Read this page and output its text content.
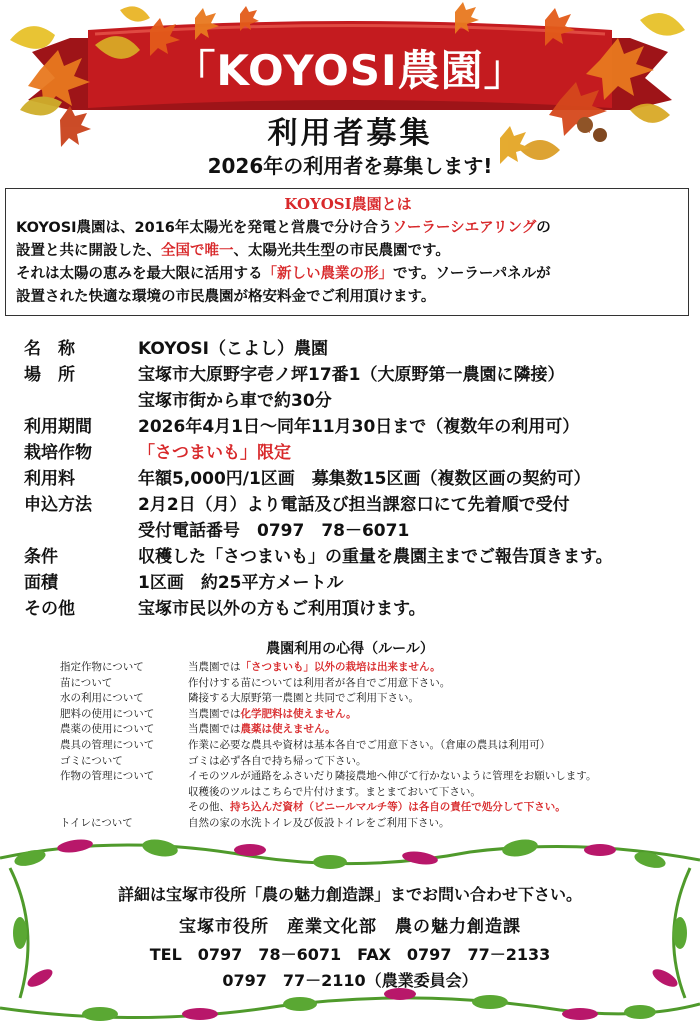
「KOYOSI農園」
利用者募集
2026年の利用者を募集します!
KOYOSI農園とは
KOYOSI農園は、2016年太陽光を発電と営農で分け合うソーラーシエアリングの
設置と共に開設した、全国で唯一、太陽光共生型の市民農園です。
それは太陽の恵みを最大限に活用する「新しい農業の形」です。ソーラーパネルが
設置された快適な環境の市民農園が格安料金でご利用頂けます。
名　称	KOYOSI（こよし）農園
場　所	宝塚市大原野字壱ノ坪17番1（大原野第一農園に隣接）
宝塚市街から車で約30分
利用期間	2026年4月1日～同年11月30日まで（複数年の利用可）
栽培作物	「さつまいも」限定
利用料	年額5,000円/1区画　募集数15区画（複数区画の契約可）
申込方法	2月2日（月）より電話及び担当課窓口にて先着順で受付
受付電話番号　0797　78－6071
条件	収穫した「さつまいも」の重量を農園主までご報告頂きます。
面積	1区画　約25平方メートル
その他	宝塚市民以外の方もご利用頂けます。
農園利用の心得（ルール）
指定作物について	当農園では「さつまいも」以外の栽培は出来ません。
苗について	作付けする苗については利用者が各自でご用意下さい。
水の利用について	隣接する大原野第一農園と共同でご利用下さい。
肥料の使用について	当農園では化学肥料は使えません。
農薬の使用について	当農園では農薬は使えません。
農具の管理について	作業に必要な農具や資材は基本各自でご用意下さい。（倉庫の農具は利用可）
ゴミについて	ゴミは必ず各自で持ち帰って下さい。
作物の管理について	イモのツルが通路をふさいだり隣接農地へ伸びて行かないように管理をお願いします。
収穫後のツルはこちらで片付けます。まとまておいて下さい。
その他、持ち込んだ資材（ビニールマルチ等）は各自の責任で処分して下さい。
トイレについて	自然の家の水洗トイレ及び仮設トイレをご利用下さい。
詳細は宝塚市役所「農の魅力創造課」までお問い合わせ下さい。
宝塚市役所　産業文化部　農の魅力創造課
TEL　0797　78－6071　FAX　0797　77－2133
0797　77－2110（農業委員会）
